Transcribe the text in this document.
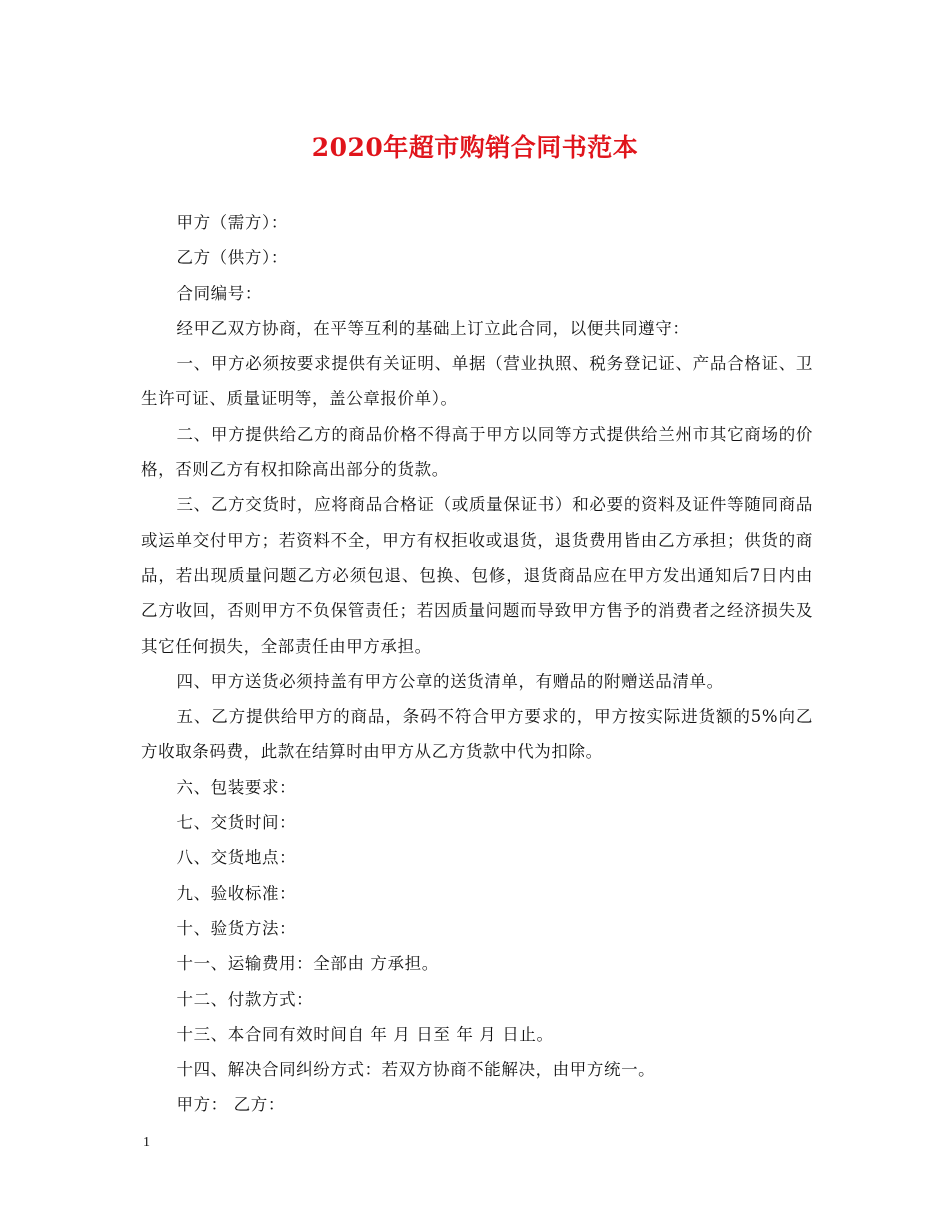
2020年超市购销合同书范本

甲方（需方）：

乙方（供方）：

合同编号：

经甲乙双方协商，在平等互利的基础上订立此合同，以便共同遵守：

一、甲方必须按要求提供有关证明、单据（营业执照、税务登记证、产品合格证、卫生许可证、质量证明等，盖公章报价单）。

二、甲方提供给乙方的商品价格不得高于甲方以同等方式提供给兰州市其它商场的价格，否则乙方有权扣除高出部分的货款。

三、乙方交货时，应将商品合格证（或质量保证书）和必要的资料及证件等随同商品或运单交付甲方；若资料不全，甲方有权拒收或退货，退货费用皆由乙方承担；供货的商品，若出现质量问题乙方必须包退、包换、包修，退货商品应在甲方发出通知后7日内由乙方收回，否则甲方不负保管责任；若因质量问题而导致甲方售予的消费者之经济损失及其它任何损失，全部责任由甲方承担。

四、甲方送货必须持盖有甲方公章的送货清单，有赠品的附赠送品清单。

五、乙方提供给甲方的商品，条码不符合甲方要求的，甲方按实际进货额的5%向乙方收取条码费，此款在结算时由甲方从乙方货款中代为扣除。

六、包装要求：

七、交货时间：

八、交货地点：

九、验收标准：

十、验货方法：

十一、运输费用：全部由 方承担。

十二、付款方式：

十三、本合同有效时间自 年 月 日至 年 月 日止。

十四、解决合同纠纷方式：若双方协商不能解决，由甲方统一。

甲方： 乙方：

1
